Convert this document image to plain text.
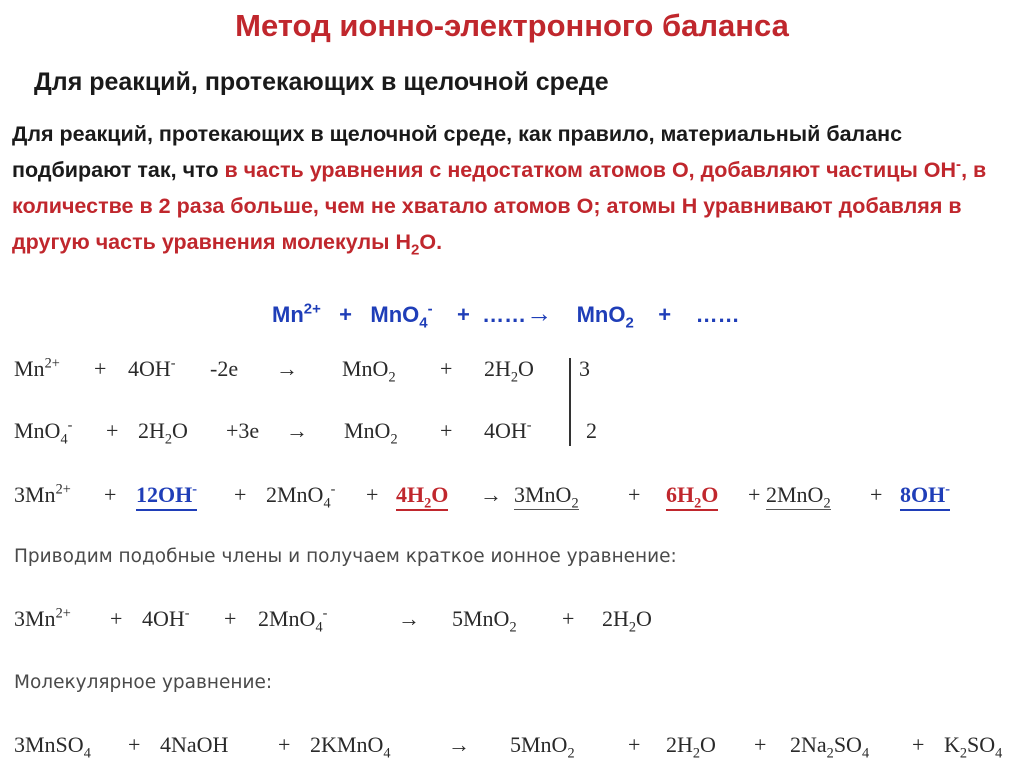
Метод ионно-электронного баланса
Для реакций, протекающих в щелочной среде
Для реакций, протекающих в щелочной среде, как правило, материальный баланс подбирают так, что в часть уравнения с недостатком атомов О, добавляют частицы ОН-, в количестве в 2 раза больше, чем не хватало атомов О; атомы Н уравнивают добавляя в другую часть уравнения молекулы $Н_2О$.
$Mn^{2+} + MnO_4^-$ + ……→ MnO$_2$ + ……
$Mn^{2+} + 4OH^-$ $-2e \to MnO_2 + 2H_2O$ 3
$MnO_4^- + 2H_2O +3e \to MnO_2 + 4OH^-$ 2
$3Mn^{2+} + 12OH^- + 2MnO_4^- + 4H_2O \to 3MnO_2 + 6H_2O + 2MnO_2 + 8OH^-$
Приводим подобные члены и получаем краткое ионное уравнение:
$3Mn^{2+} + 4OH^- + 2MnO_4^-$	→ $5MnO_2 + 2H_2O$
Молекулярное уравнение:
3MnSO$_4$ + 4NaOH + 2KMnO$_4$	→ $5MnO_2 + 2H_2O + 2Na_2SO_4 + K_2SO_4$
